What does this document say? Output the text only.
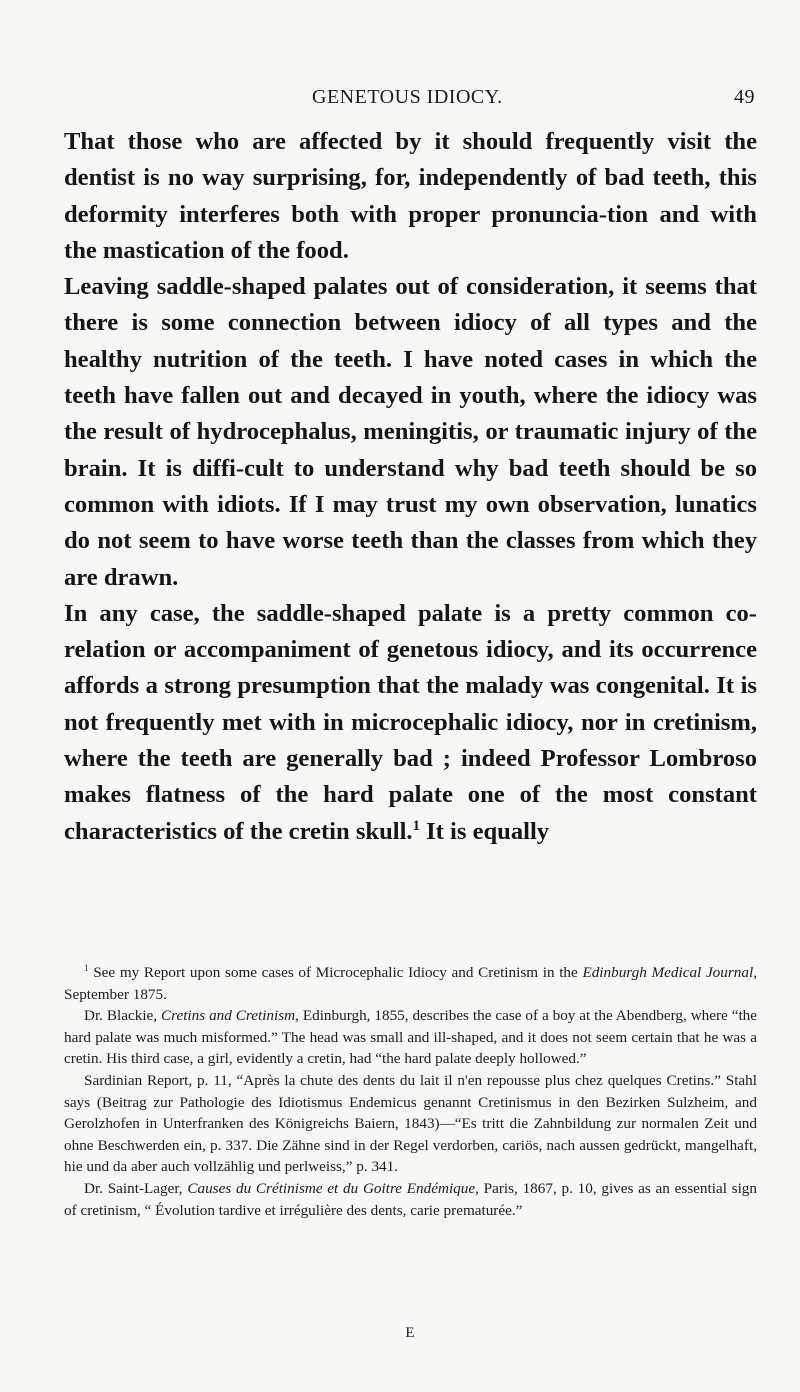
GENETOUS IDIOCY.	49

That those who are affected by it should frequently visit the dentist is no way surprising, for, independently of bad teeth, this deformity interferes both with proper pronuncia-tion and with the mastication of the food.

Leaving saddle-shaped palates out of consideration, it seems that there is some connection between idiocy of all types and the healthy nutrition of the teeth. I have noted cases in which the teeth have fallen out and decayed in youth, where the idiocy was the result of hydrocephalus, meningitis, or traumatic injury of the brain. It is diffi-cult to understand why bad teeth should be so common with idiots. If I may trust my own observation, lunatics do not seem to have worse teeth than the classes from which they are drawn.

In any case, the saddle-shaped palate is a pretty common co-relation or accompaniment of genetous idiocy, and its occurrence affords a strong presumption that the malady was congenital. It is not frequently met with in microcephalic idiocy, nor in cretinism, where the teeth are generally bad ; indeed Professor Lombroso makes flatness of the hard palate one of the most constant characteristics of the cretin skull.$^1$ It is equally

$^1$ See my Report upon some cases of Microcephalic Idiocy and Cretinism in the Edinburgh Medical Journal, September 1875.

Dr. Blackie, Cretins and Cretinism, Edinburgh, 1855, describes the case of a boy at the Abendberg, where “the hard palate was much misformed.” The head was small and ill-shaped, and it does not seem certain that he was a cretin. His third case, a girl, evidently a cretin, had “the hard palate deeply hollowed.”

Sardinian Report, p. 11, “Après la chute des dents du lait il n'en repousse plus chez quelques Cretins.” Stahl says (Beitrag zur Pathologie des Idiotismus Endemicus genannt Cretinismus in den Bezirken Sulzheim, and Gerolzhofen in Unterfranken des Königreichs Baiern, 1843)—“Es tritt die Zahnbildung zur normalen Zeit und ohne Beschwerden ein, p. 337. Die Zähne sind in der Regel verdorben, cariös, nach aussen gedrückt, mangelhaft, hie und da aber auch vollzählig und perlweiss,” p. 341.

Dr. Saint-Lager, Causes du Crétinisme et du Goitre Endémique, Paris, 1867, p. 10, gives as an essential sign of cretinism, “ Évolution tardive et irrégulière des dents, carie prematurée.”

E
